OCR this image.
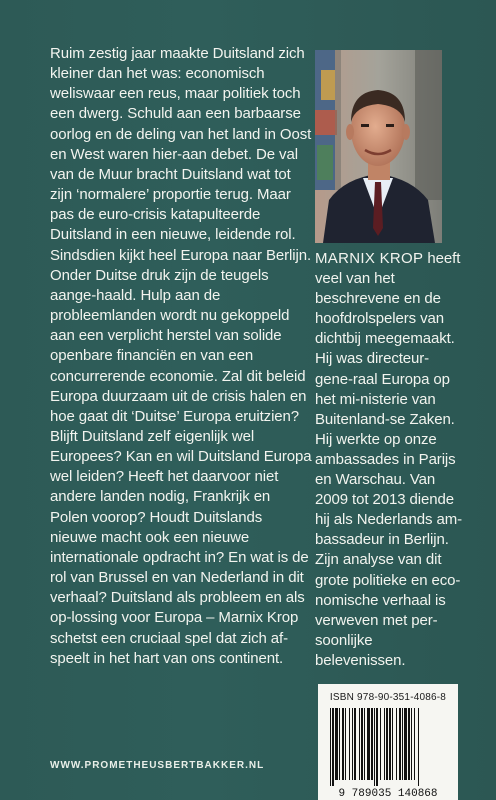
Ruim zestig jaar maakte Duitsland zich kleiner dan het was: economisch weliswaar een reus, maar politiek toch een dwerg. Schuld aan een barbaarse oorlog en de deling van het land in Oost en West waren hier-aan debet. De val van de Muur bracht Duitsland wat tot zijn ‘normalere’ proportie terug. Maar pas de euro-crisis katapulteerde Duitsland in een nieuwe, leidende rol. Sindsdien kijkt heel Europa naar Berlijn. Onder Duitse druk zijn de teugels aange-haald. Hulp aan de probleemlanden wordt nu gekoppeld aan een verplicht herstel van solide openbare financiën en van een concurrerende economie. Zal dit beleid Europa duurzaam uit de crisis halen en hoe gaat dit ‘Duitse’ Europa eruitzien? Blijft Duitsland zelf eigenlijk wel Europees? Kan en wil Duitsland Europa wel leiden? Heeft het daarvoor niet andere landen nodig, Frankrijk en Polen voorop? Houdt Duitslands nieuwe macht ook een nieuwe internationale opdracht in? En wat is de rol van Brussel en van Nederland in dit verhaal? Duitsland als probleem en als op-lossing voor Europa – Marnix Krop schetst een cruciaal spel dat zich af-speelt in het hart van ons continent.

MARNIX KROP heeft veel van het beschrevene en de hoofdrolspelers van dichtbij meegemaakt. Hij was directeur-gene-raal Europa op het mi-nisterie van Buitenland-se Zaken. Hij werkte op onze ambassades in Parijs en Warschau. Van 2009 tot 2013 diende hij als Nederlands am-bassadeur in Berlijn. Zijn analyse van dit grote politieke en eco-nomische verhaal is verweven met per-soonlijke belevenissen.

WWW.PROMETHEUSBERTBAKKER.NL

ISBN 978-90-351-4086-8
9 789035 140868
